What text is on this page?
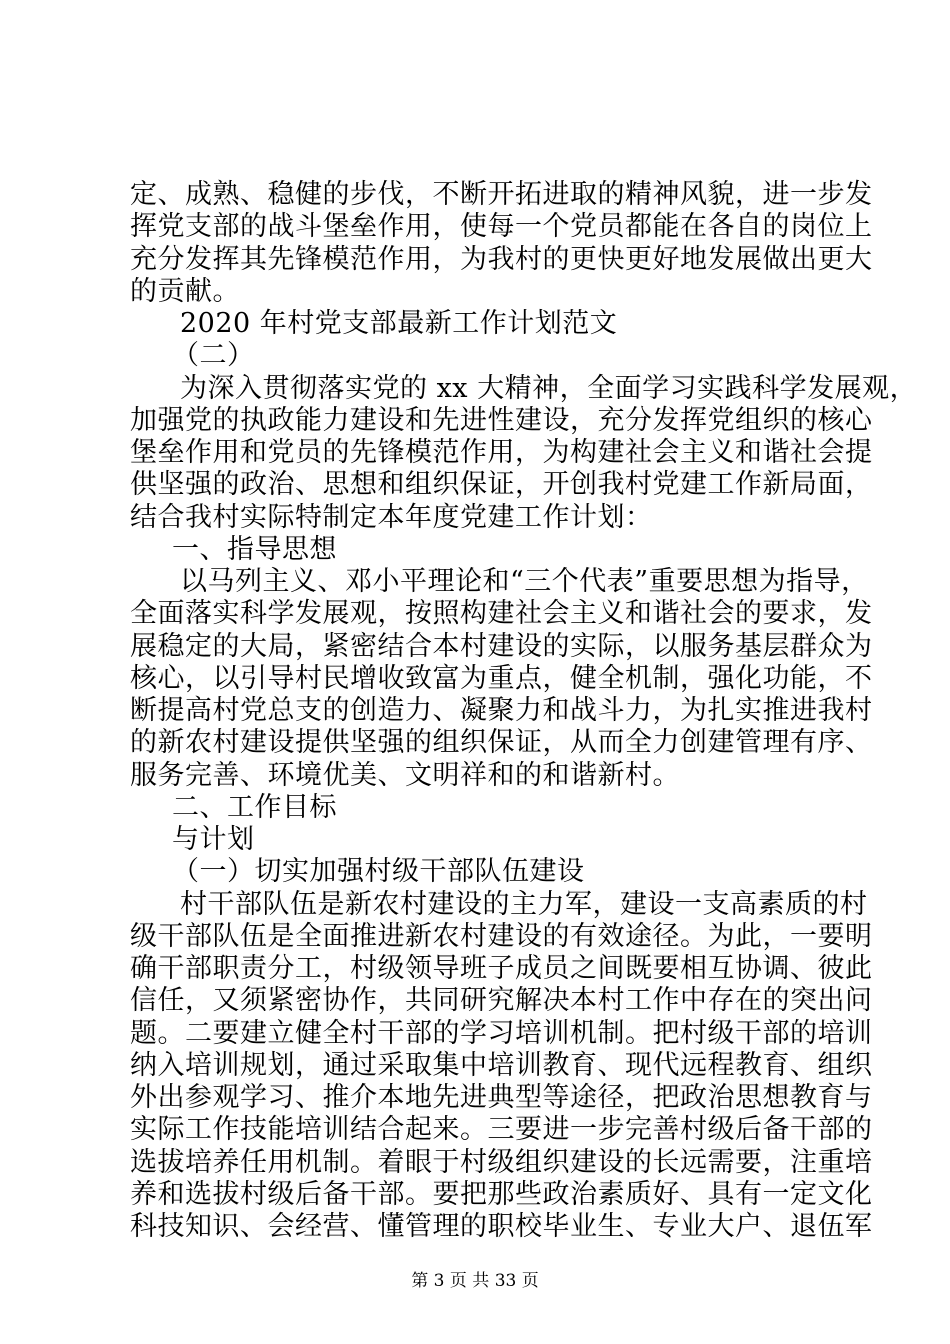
定、成熟、稳健的步伐，不断开拓进取的精神风貌，进一步发
挥党支部的战斗堡垒作用，使每一个党员都能在各自的岗位上
充分发挥其先锋模范作用，为我村的更快更好地发展做出更大
的贡献。
2020 年村党支部最新工作计划范文
（二）
为深入贯彻落实党的 xx 大精神，全面学习实践科学发展观，
加强党的执政能力建设和先进性建设，充分发挥党组织的核心
堡垒作用和党员的先锋模范作用，为构建社会主义和谐社会提
供坚强的政治、思想和组织保证，开创我村党建工作新局面，
结合我村实际特制定本年度党建工作计划：
一、指导思想
以马列主义、邓小平理论和“三个代表”重要思想为指导，
全面落实科学发展观，按照构建社会主义和谐社会的要求，发
展稳定的大局，紧密结合本村建设的实际，以服务基层群众为
核心，以引导村民增收致富为重点，健全机制，强化功能，不
断提高村党总支的创造力、凝聚力和战斗力，为扎实推进我村
的新农村建设提供坚强的组织保证，从而全力创建管理有序、
服务完善、环境优美、文明祥和的和谐新村。
二、工作目标
与计划
（一）切实加强村级干部队伍建设
村干部队伍是新农村建设的主力军，建设一支高素质的村
级干部队伍是全面推进新农村建设的有效途径。为此，一要明
确干部职责分工，村级领导班子成员之间既要相互协调、彼此
信任，又须紧密协作，共同研究解决本村工作中存在的突出问
题。二要建立健全村干部的学习培训机制。把村级干部的培训
纳入培训规划，通过采取集中培训教育、现代远程教育、组织
外出参观学习、推介本地先进典型等途径，把政治思想教育与
实际工作技能培训结合起来。三要进一步完善村级后备干部的
选拔培养任用机制。着眼于村级组织建设的长远需要，注重培
第 3 页 共 33 页
养和选拔村级后备干部。要把那些政治素质好、具有一定文化
科技知识、会经营、懂管理的职校毕业生、专业大户、退伍军
